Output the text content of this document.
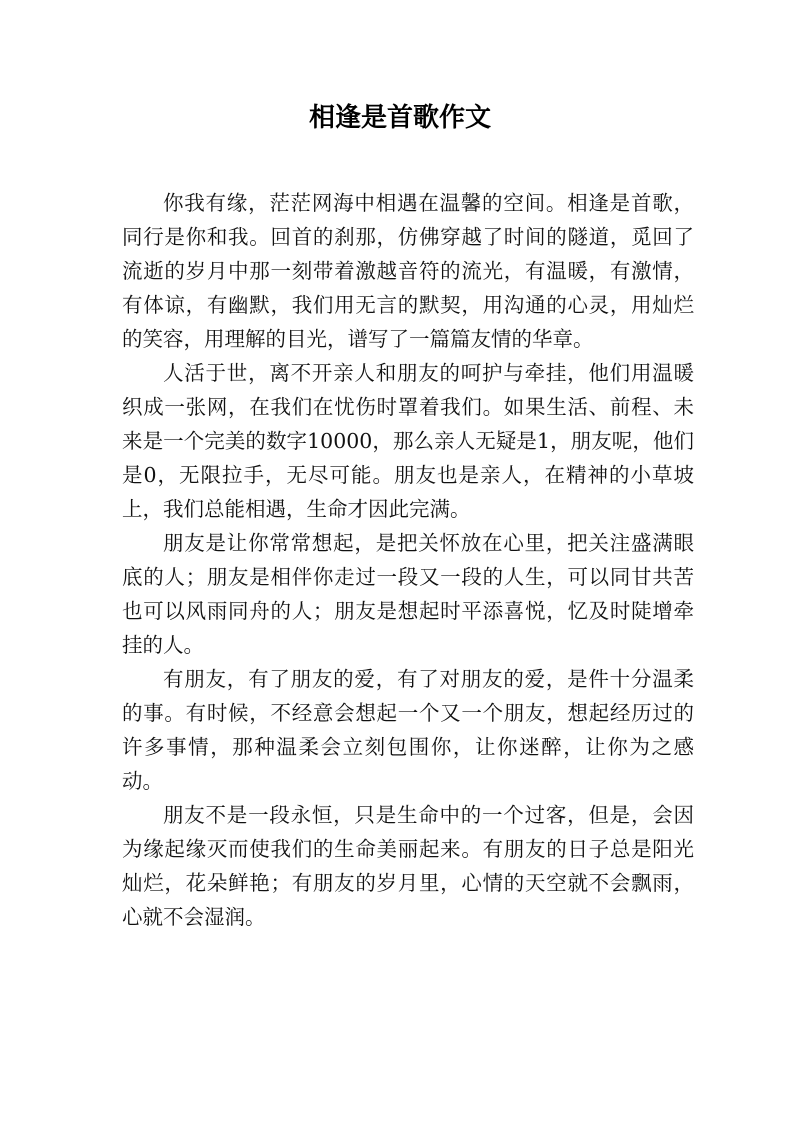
相逢是首歌作文

你我有缘，茫茫网海中相遇在温馨的空间。相逢是首歌，同行是你和我。回首的刹那，仿佛穿越了时间的隧道，觅回了流逝的岁月中那一刻带着激越音符的流光，有温暖，有激情，有体谅，有幽默，我们用无言的默契，用沟通的心灵，用灿烂的笑容，用理解的目光，谱写了一篇篇友情的华章。

人活于世，离不开亲人和朋友的呵护与牵挂，他们用温暖织成一张网，在我们在忧伤时罩着我们。如果生活、前程、未来是一个完美的数字10000，那么亲人无疑是1，朋友呢，他们是0，无限拉手，无尽可能。朋友也是亲人，在精神的小草坡上，我们总能相遇，生命才因此完满。

朋友是让你常常想起，是把关怀放在心里，把关注盛满眼底的人；朋友是相伴你走过一段又一段的人生，可以同甘共苦也可以风雨同舟的人；朋友是想起时平添喜悦，忆及时陡增牵挂的人。

有朋友，有了朋友的爱，有了对朋友的爱，是件十分温柔的事。有时候，不经意会想起一个又一个朋友，想起经历过的许多事情，那种温柔会立刻包围你，让你迷醉，让你为之感动。

朋友不是一段永恒，只是生命中的一个过客，但是，会因为缘起缘灭而使我们的生命美丽起来。有朋友的日子总是阳光灿烂，花朵鲜艳；有朋友的岁月里，心情的天空就不会飘雨，心就不会湿润。
